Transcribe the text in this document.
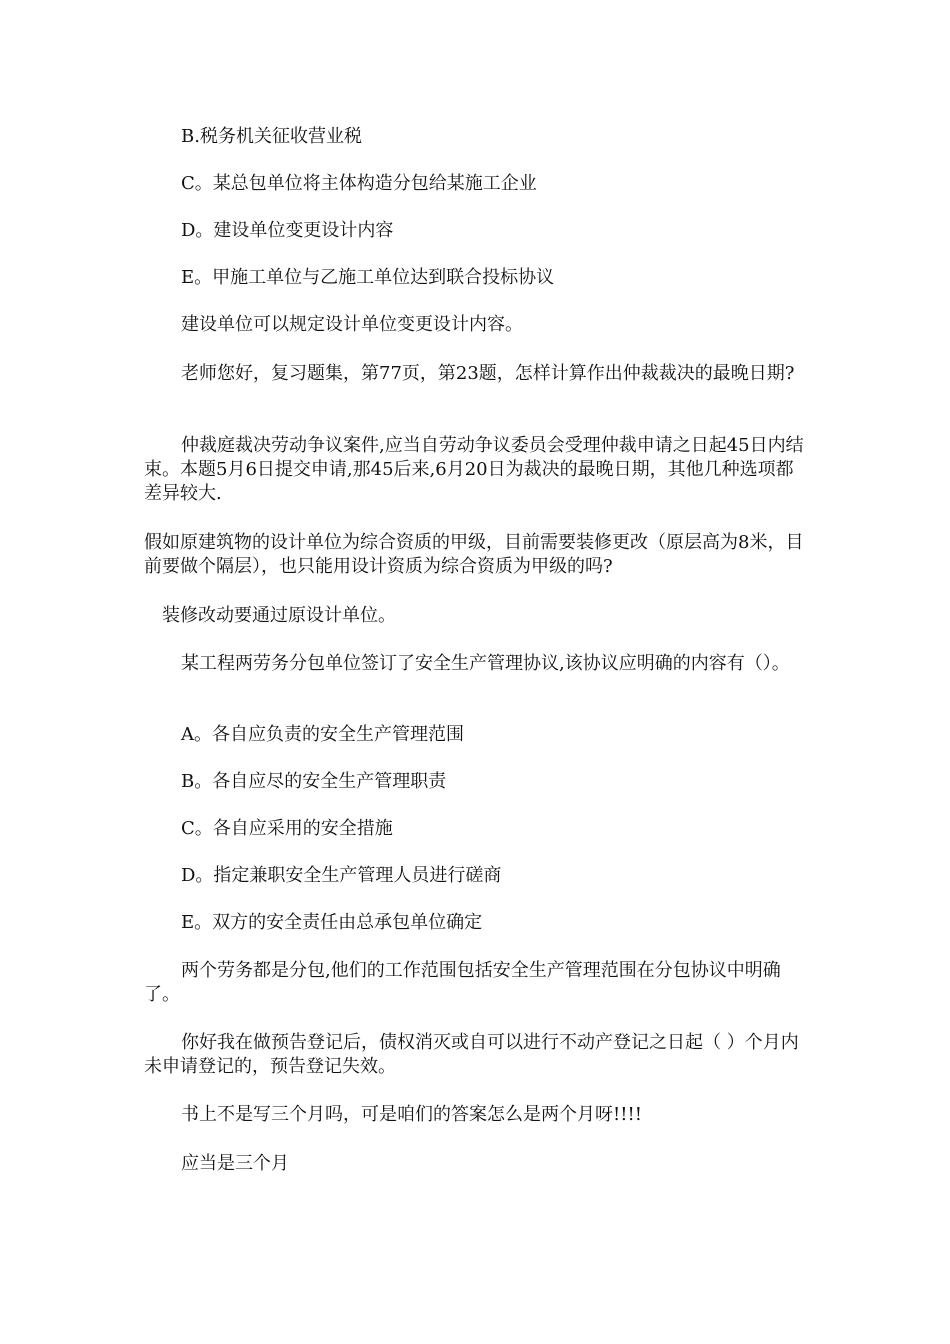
B.税务机关征收营业税

C。某总包单位将主体构造分包给某施工企业

D。建设单位变更设计内容

E。甲施工单位与乙施工单位达到联合投标协议

建设单位可以规定设计单位变更设计内容。

老师您好，复习题集，第77页，第23题，怎样计算作出仲裁裁决的最晚日期?

仲裁庭裁决劳动争议案件,应当自劳动争议委员会受理仲裁申请之日起45日内结束。本题5月6日提交申请,那45后来,6月20日为裁决的最晚日期，其他几种选项都差异较大.

假如原建筑物的设计单位为综合资质的甲级，目前需要装修更改（原层高为8米，目前要做个隔层），也只能用设计资质为综合资质为甲级的吗?

装修改动要通过原设计单位。

某工程两劳务分包单位签订了安全生产管理协议,该协议应明确的内容有（）。

A。各自应负责的安全生产管理范围

B。各自应尽的安全生产管理职责

C。各自应采用的安全措施

D。指定兼职安全生产管理人员进行磋商

E。双方的安全责任由总承包单位确定

两个劳务都是分包,他们的工作范围包括安全生产管理范围在分包协议中明确了。

你好我在做预告登记后，债权消灭或自可以进行不动产登记之日起（ ）个月内未申请登记的，预告登记失效。

书上不是写三个月吗，可是咱们的答案怎么是两个月呀!!!!

应当是三个月
